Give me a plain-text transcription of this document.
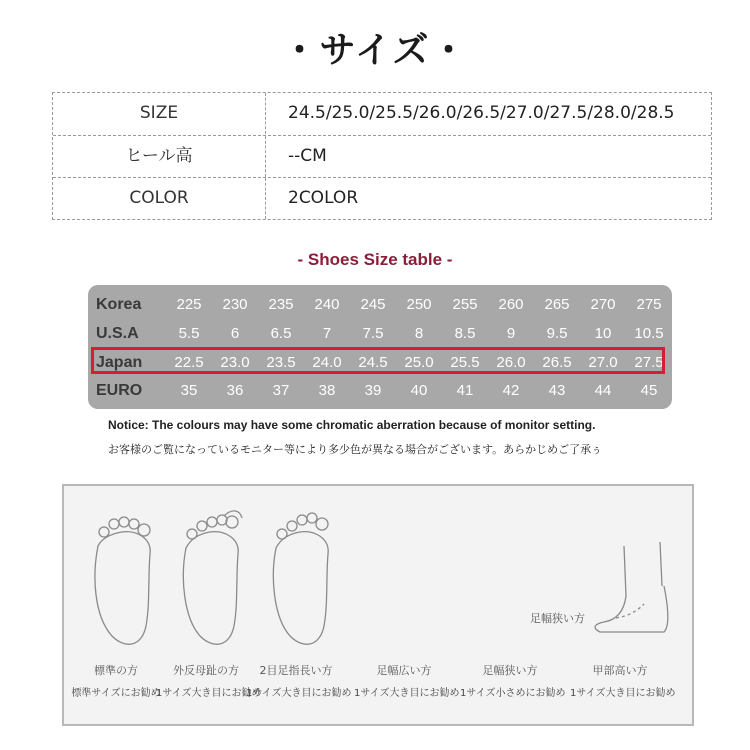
・サイズ・
SIZE	24.5/25.0/25.5/26.0/26.5/27.0/27.5/28.0/28.5
ヒール高	--CM
COLOR	2COLOR
- Shoes Size table -
Korea	225	230	235	240	245	250	255	260	265	270	275
U.S.A	5.5	6	6.5	7	7.5	8	8.5	9	9.5	10	10.5
Japan	22.5	23.0	23.5	24.0	24.5	25.0	25.5	26.0	26.5	27.0	27.5
EURO	35	36	37	38	39	40	41	42	43	44	45
Notice: The colours may have some chromatic aberration because of monitor setting.
お客様のご覧になっているモニター等により多少色が異なる場合がございます。あらかじめご了承ぅ
足幅狭い方
標準の方
標準サイズにお勧め
外反母趾の方
1サイズ大き目にお勧め
2目足指長い方
1サイズ大き目にお勧め
足幅広い方
1サイズ大き目にお勧め
足幅狭い方
1サイズ小さめにお勧め
甲部高い方
1サイズ大き目にお勧め
